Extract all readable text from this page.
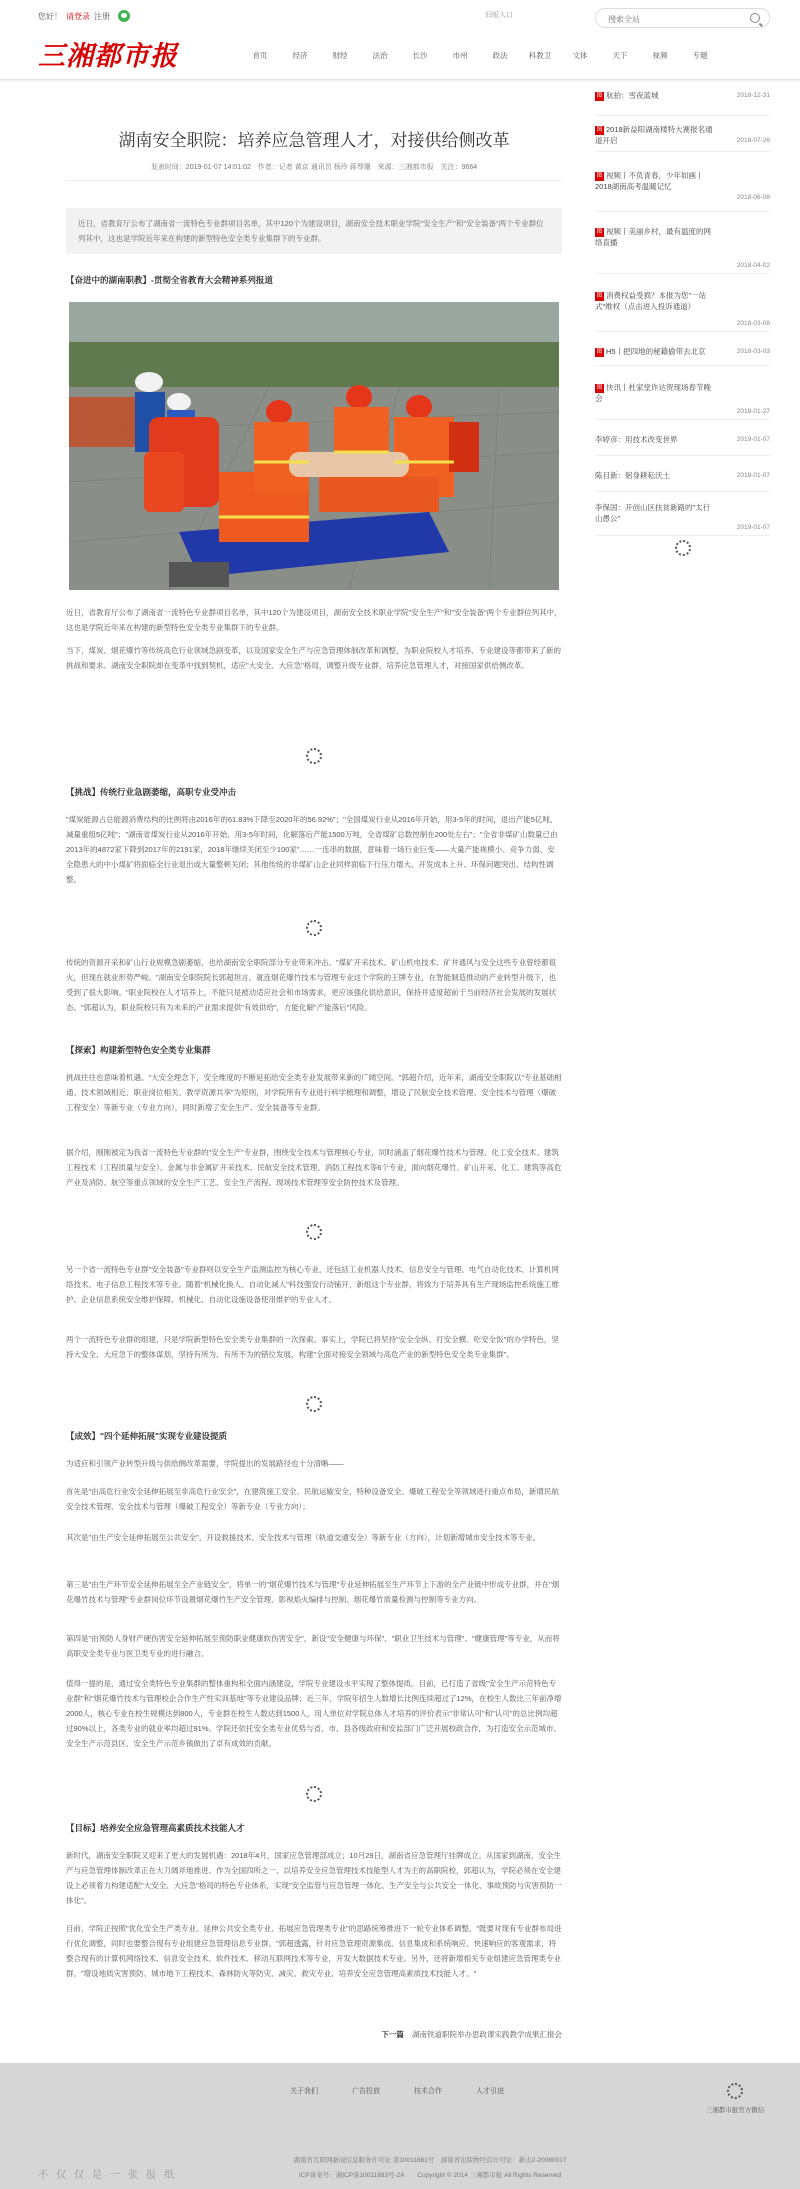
您好！ 请登录 注册	旧版入口
搜索全站
三湘都市报	首页	经济	财经	法治	长沙	市州	政法	科教卫	文体	天下	视频	专题
湖南安全职院：培养应急管理人才，对接供给侧改革
发表时间：2019-01-07 14:01:02　作者：记者 黄京 通讯员 杨玲 蒋琴珊　来源：三湘都市报　关注：9664
近日，省教育厅公布了湖南省一流特色专业群项目名单，其中120个为建设项目，湖南安全技术职业学院"安全生产"和"安全装备"两个专业群位列其中，这也是学院近年来在构建的新型特色安全类专业集群下的专业群。
【奋进中的湖南职教】-贯彻全省教育大会精神系列报道
近日，省教育厅公布了湖南省一流特色专业群项目名单，其中120个为建设项目，湖南安全技术职业学院"安全生产"和"安全装备"两个专业群位列其中，这也是学院近年来在构建的新型特色安全类专业集群下的专业群。
当下，煤炭、烟花爆竹等传统高危行业领域急剧变革，以及国家安全生产与应急管理体制改革和调整，为职业院校人才培养、专业建设等都带来了新的挑战和要求。湖南安全职院却在变革中找到契机，适应"大安全、大应急"格局，调整升级专业群，培养应急管理人才，对接国家供给侧改革。
【挑战】传统行业急剧萎缩，高职专业受冲击
"煤炭能源占总能源消费结构的比例将由2016年的61.83%下降至2020年的56.92%"；"全国煤炭行业从2016年开始，用3-5年的时间，退出产能5亿吨、减量重组5亿吨"；"湖南省煤炭行业从2016年开始，用3-5年时间，化解落后产能1500万吨，全省煤矿总数控制在200处左右"；"全省非煤矿山数量已由2013年的4872家下降到2017年的2191家，2018年继续关闭至少100家"……一连串的数据，意味着一场行业巨变——大量产能规模小、竞争力弱、安全隐患大的中小煤矿将面临全行业退出或大量整顿关闭；其他传统的非煤矿山企业同样面临下行压力增大、开发成本上升、环保问题突出、结构性调整。
传统的资源开采和矿山行业规模急剧萎缩，也给湖南安全职院部分专业带来冲击。"煤矿开采技术、矿山机电技术、矿井通风与安全这些专业曾经都很火，但现在就业形势严峻。"湖南安全职院院长郭超坦言，就连烟花爆竹技术与管理专业这个学院的王牌专业，在智能制造推动的产业转型升级下，也受到了很大影响。"职业院校在人才培养上，不能只是被动适应社会和市场需求，更应该强化供给意识，保持并适度超前于当前经济社会发展的发展状态。"郭超认为，职业院校只有为未来的产业需求提供"有效供给"，方能化解"产能落后"风险。
【探索】构建新型特色安全类专业集群
挑战往往也意味着机遇。"大安全理念下，安全维度的不断延拓给安全类专业发展带来新的广阔空间。"郭超介绍，近年来，湖南安全职院以"专业基础相通、技术领域相近、职业岗位相关、教学资源共享"为原则，对学院所有专业进行科学梳理和调整，增设了民航安全技术管理、安全技术与管理（爆破工程安全）等新专业（专业方向），同时新增了安全生产、安全装备等专业群。
据介绍，刚刚被定为我省一流特色专业群的"安全生产"专业群，围绕安全技术与管理核心专业，同时涵盖了烟花爆竹技术与管理、化工安全技术、建筑工程技术（工程质量与安全）、金属与非金属矿开采技术、民航安全技术管理、消防工程技术等6个专业，面向烟花爆竹、矿山开采、化工、建筑等高危产业及消防、航空等重点领域的安全生产工艺、安全生产流程、现场技术管理等安全防控技术及管理。
另一个省一流特色专业群"安全装备"专业群则以安全生产监测监控为核心专业，还包括工业机器人技术、信息安全与管理、电气自动化技术、计算机网络技术、电子信息工程技术等专业。随着"机械化换人、自动化减人"科技强安行动铺开，新组这个专业群，将致力于培养具有生产现场监控系统施工维护、企业信息系统安全维护保障、机械化、自动化设施设备使用维护的专业人才。
两个一流特色专业群的组建，只是学院新型特色安全类专业集群的一次探索。事实上，学院已将坚持"安全全纵、打安全横、吃安全饭"的办学特色，坚持大安全、大应急下的整体谋划，坚持有所为、有所不为的错位发展，构建"全面对接安全领域与高危产业的新型特色安全类专业集群"。
【成效】"四个延伸拓展"实现专业建设提质
为适应和引领产业转型升级与供给侧改革需要，学院提出的发展路径也十分清晰——
首先是"由高危行业安全延伸拓展至非高危行业安全"，在建筑施工安全、民航运输安全、特种设备安全、爆破工程安全等领域进行重点布局，新增民航安全技术管理、安全技术与管理（爆破工程安全）等新专业（专业方向）；
其次是"由生产安全延伸拓展至公共安全"，开设救援技术、安全技术与管理（轨道交通安全）等新专业（方向），计划新增城市安全技术等专业。
第三是"由生产环节安全延伸拓展至全产业链安全"，将单一的"烟花爆竹技术与管理"专业延伸拓展至生产环节上下游的全产业链中形成专业群，并在"烟花爆竹技术与管理"专业群岗位环节设置烟花爆竹生产安全管理、影视焰火编排与控制、烟花爆竹质量检测与控制等专业方向。
第四是"由预防人身财产硬伤害安全延伸拓展至预防职业健康软伤害安全"，新设"安全健康与环保"、"职业卫生技术与管理"、"健康管理"等专业，从而将高职安全类专业与医卫类专业的进行融合。
值得一提的是，通过安全类特色专业集群的整体重构和全面内涵建设，学院专业建设水平实现了整体提质。目前，已打造了省级"安全生产示范特色专业群"和"烟花爆竹技术与管理校企合作生产性实训基地"等专业建设品牌；近三年，学院年招生人数增长比例连续超过了12%，在校生人数比三年前净增2000人，核心专业在校生规模达到800人，专业群在校生人数达到1500人，用人单位对学院总体人才培养的评价表示"非常认可"和"认可"的总比例均超过90%以上，各类专业的就业率均超过91%。学院还依托安全类专业优势与省、市、县各级政府和安监部门广泛开展校政合作，为打造安全示范城市、安全生产示范县区、安全生产示范乡镇做出了卓有成效的贡献。
【目标】培养安全应急管理高素质技术技能人才
新时代，湖南安全职院又迎来了更大的发展机遇：2018年4月，国家应急管理部成立；10月29日，湖南省应急管理厅挂牌成立。从国家到湖南，安全生产与应急管理体制改革正在大刀阔斧地推进。作为全国四所之一、以培养安全应急管理技术技能型人才为主的高职院校，郭超认为，学院必须在安全建设上必须着力构建适配"大安全、大应急"格局的特色专业体系，实现"安全监管与应急管理一体化、生产安全与公共安全一体化、事故预防与灾害预防一体化"。
目前，学院正按照"优化安全生产类专业、延伸公共安全类专业、拓展应急管理类专业"的思路统筹推进下一轮专业体系调整，"既要对现有专业群布局进行优化调整，同时也要整合现有专业组建应急管理信息专业群。"郭超透露，针对应急管理资源集成、信息集成和系统响应、快速响应的客观需求，将整合现有的计算机网络技术、信息安全技术、软件技术、移动互联网技术等专业，开发大数据技术专业。另外，还将新增相关专业组建应急管理类专业群。"增设地质灾害预防、城市地下工程技术、森林防火等防灾、减灾、救灾专业，培养安全应急管理高素质技术技能人才。"
下一篇 湖南铁道职院举办思政课实践教学成果汇报会
图 航拍：雪夜蓝城	2018-12-31
图 2018新益阳湖南楼特大赛报名通道开启	2018-07-26
图 视频丨不负青春，少年如画丨2018湖南高考温暖记忆
2018-06-08
图 视频丨美丽乡村，最有温度的网络直播
2018-04-02
图 消费权益受损？本报为您"一站式"维权（点击进入投诉通道）
2018-03-08
图 H5丨把四地的秘籍偷带去北京	2018-03-03
图 快讯丨杜家堂许达贺现场春节晚会
2019-01-27
李婷彦：用技术改变世界	2019-01-07
陈目新：躬身耕耘沃土	2019-01-07
李保国：开创山区扶贫新路的"太行山愚公"
2019-01-07
关于我们	广告投放	技术合作	人才引进
三湘都市报官方微信
湖南省互联网新闻信息服务许可证 第10011881号　湖南省出版物经营许可证：新出2-20080017
ICP备案号：湘ICP备10011883号-2A　　Copyright © 2014 三湘都市报 All Rights Reserved
不仅仅是一张报纸
